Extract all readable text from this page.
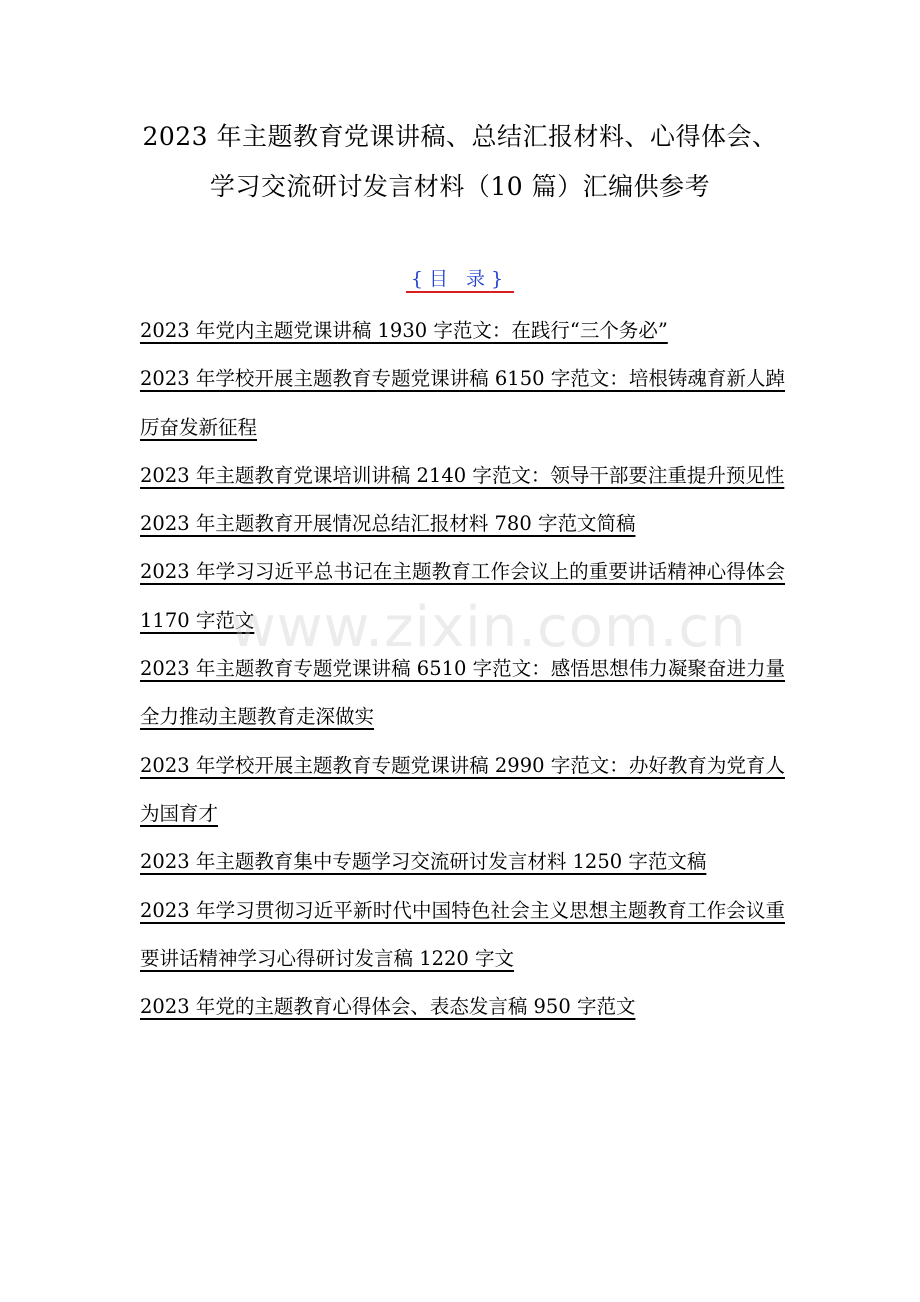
2023 年主题教育党课讲稿、总结汇报材料、心得体会、
学习交流研讨发言材料（10 篇）汇编供参考
{目 录}
2023 年党内主题党课讲稿 1930 字范文：在践行“三个务必”
2023 年学校开展主题教育专题党课讲稿 6150 字范文：培根铸魂育新人踔厉奋发新征程
2023 年主题教育党课培训讲稿 2140 字范文：领导干部要注重提升预见性
2023 年主题教育开展情况总结汇报材料 780 字范文简稿
2023 年学习习近平总书记在主题教育工作会议上的重要讲话精神心得体会 1170 字范文
2023 年主题教育专题党课讲稿 6510 字范文：感悟思想伟力凝聚奋进力量全力推动主题教育走深做实
2023 年学校开展主题教育专题党课讲稿 2990 字范文：办好教育为党育人为国育才
2023 年主题教育集中专题学习交流研讨发言材料 1250 字范文稿
2023 年学习贯彻习近平新时代中国特色社会主义思想主题教育工作会议重要讲话精神学习心得研讨发言稿 1220 字文
2023 年党的主题教育心得体会、表态发言稿 950 字范文
www.zixin.com.cn
